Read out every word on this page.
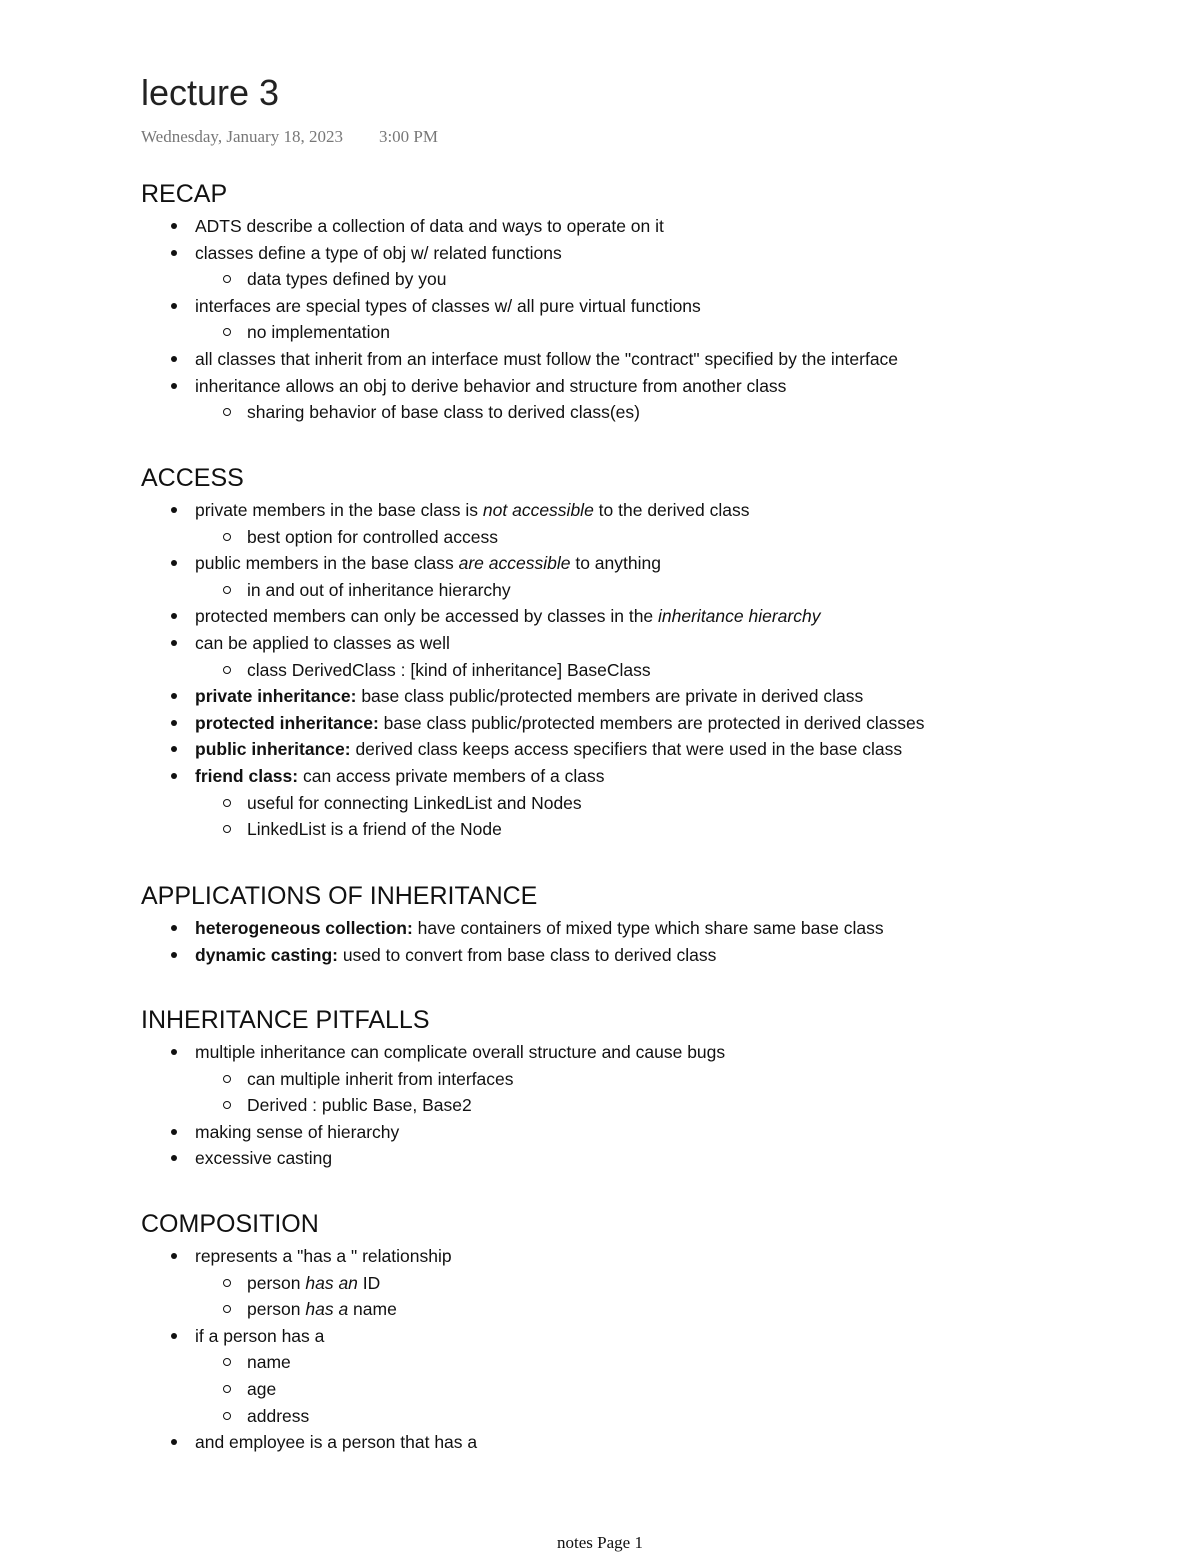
lecture 3
Wednesday, January 18, 2023 3:00 PM
RECAP
ADTS describe a collection of data and ways to operate on it
classes define a type of obj w/ related functions
data types defined by you
interfaces are special types of classes w/ all pure virtual functions
no implementation
all classes that inherit from an interface must follow the "contract" specified by the interface
inheritance allows an obj to derive behavior and structure from another class
sharing behavior of base class to derived class(es)
ACCESS
private members in the base class is not accessible to the derived class
best option for controlled access
public members in the base class are accessible to anything
in and out of inheritance hierarchy
protected members can only be accessed by classes in the inheritance hierarchy
can be applied to classes as well
class DerivedClass : [kind of inheritance] BaseClass
private inheritance: base class public/protected members are private in derived class
protected inheritance: base class public/protected members are protected in derived classes
public inheritance: derived class keeps access specifiers that were used in the base class
friend class: can access private members of a class
useful for connecting LinkedList and Nodes
LinkedList is a friend of the Node
APPLICATIONS OF INHERITANCE
heterogeneous collection: have containers of mixed type which share same base class
dynamic casting: used to convert from base class to derived class
INHERITANCE PITFALLS
multiple inheritance can complicate overall structure and cause bugs
can multiple inherit from interfaces
Derived : public Base, Base2
making sense of hierarchy
excessive casting
COMPOSITION
represents a "has a " relationship
person has an ID
person has a name
if a person has a
name
age
address
and employee is a person that has a
notes Page 1
